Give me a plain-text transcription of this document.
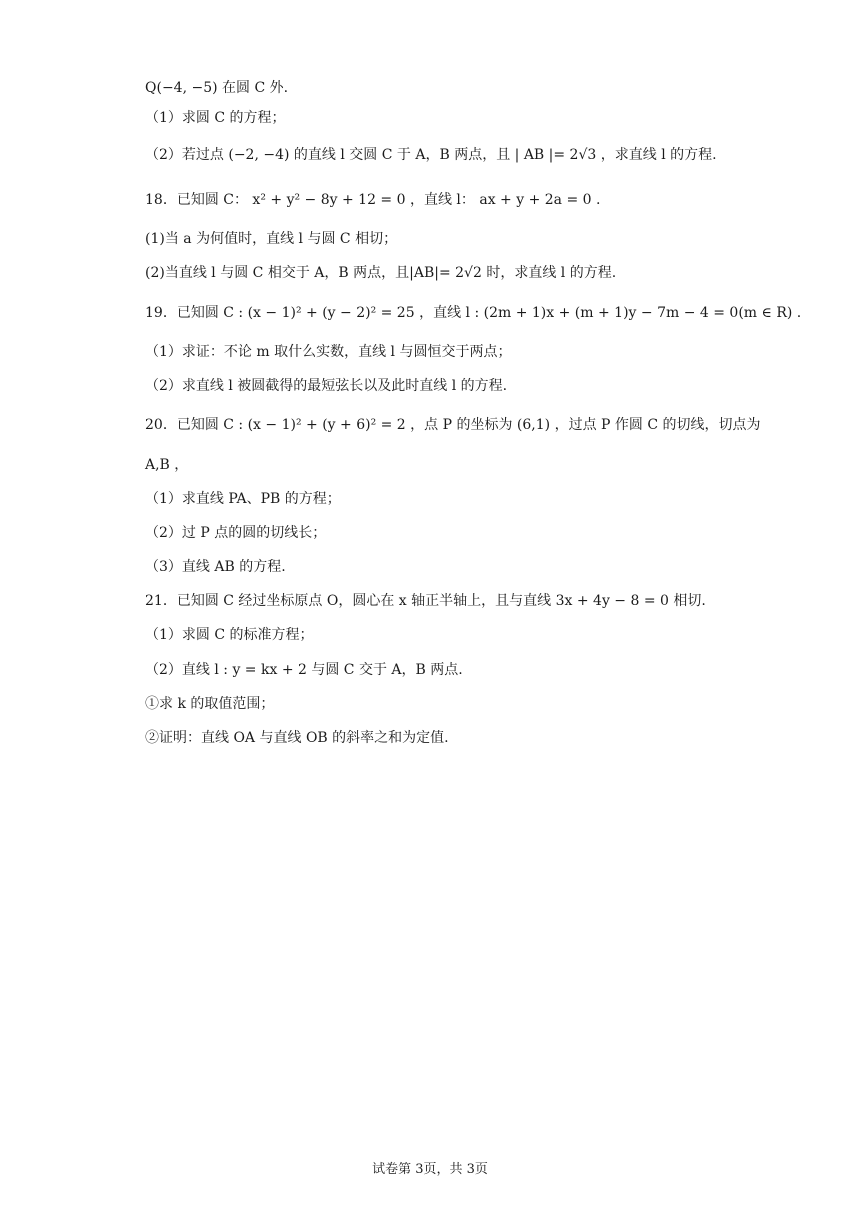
Q(−4, −5) 在圆 C 外.
（1）求圆 C 的方程；
（2）若过点 (−2, −4) 的直线 l 交圆 C 于 A，B 两点，且 | AB |= 2√3 ，求直线 l 的方程.
18．已知圆 C： x² + y² − 8y + 12 = 0 ，直线 l： ax + y + 2a = 0 .
(1)当 a 为何值时，直线 l 与圆 C 相切；
(2)当直线 l 与圆 C 相交于 A，B 两点，且|AB|= 2√2 时，求直线 l 的方程.
19．已知圆 C : (x − 1)² + (y − 2)² = 25 ，直线 l : (2m + 1)x + (m + 1)y − 7m − 4 = 0(m ∈ R) .
（1）求证：不论 m 取什么实数，直线 l 与圆恒交于两点；
（2）求直线 l 被圆截得的最短弦长以及此时直线 l 的方程.
20．已知圆 C : (x − 1)² + (y + 6)² = 2 ，点 P 的坐标为 (6,1) ，过点 P 作圆 C 的切线，切点为
A,B ，
（1）求直线 PA、PB 的方程；
（2）过 P 点的圆的切线长；
（3）直线 AB 的方程.
21．已知圆 C 经过坐标原点 O，圆心在 x 轴正半轴上，且与直线 3x + 4y − 8 = 0 相切.
（1）求圆 C 的标准方程；
（2）直线 l : y = kx + 2 与圆 C 交于 A，B 两点.
①求 k 的取值范围；
②证明：直线 OA 与直线 OB 的斜率之和为定值.
试卷第 3页，共 3页
